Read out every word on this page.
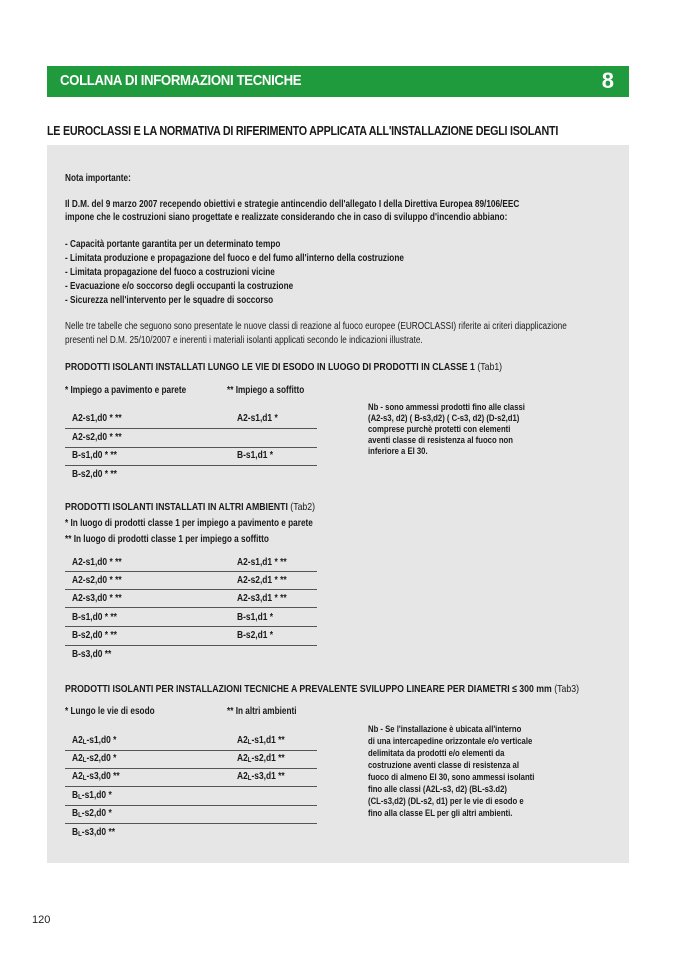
COLLANA DI INFORMAZIONI TECNICHE	8
LE EUROCLASSI E LA NORMATIVA DI RIFERIMENTO APPLICATA ALL'INSTALLAZIONE DEGLI ISOLANTI
Nota importante:
Il D.M. del 9 marzo 2007 recependo obiettivi e strategie antincendio dell'allegato I della Direttiva Europea 89/106/EEC
impone che le costruzioni siano progettate e realizzate considerando che in caso di sviluppo d'incendio abbiano:
- Capacità portante garantita per un determinato tempo
- Limitata produzione e propagazione del fuoco e del fumo all'interno della costruzione
- Limitata propagazione del fuoco a costruzioni vicine
- Evacuazione e/o soccorso degli occupanti la costruzione
- Sicurezza nell'intervento per le squadre di soccorso
Nelle tre tabelle che seguono sono presentate le nuove classi di reazione al fuoco europee (EUROCLASSI) riferite ai criteri diapplicazione
presenti nel D.M. 25/10/2007 e inerenti i materiali isolanti applicati secondo le indicazioni illustrate.
PRODOTTI ISOLANTI INSTALLATI LUNGO LE VIE DI ESODO IN LUOGO DI PRODOTTI IN CLASSE 1 (Tab1)
* Impiego a pavimento e parete	** Impiego a soffitto
A2-s1,d0 * **	A2-s1,d1 *
A2-s2,d0 * **
B-s1,d0 * **	B-s1,d1 *
B-s2,d0 * **
Nb - sono ammessi prodotti fino alle classi
(A2-s3, d2) ( B-s3,d2) ( C-s3, d2) (D-s2,d1)
comprese purchè protetti con elementi
aventi classe di resistenza al fuoco non
inferiore a EI 30.
PRODOTTI ISOLANTI INSTALLATI IN ALTRI AMBIENTI (Tab2)
* In luogo di prodotti classe 1 per impiego a pavimento e parete
** In luogo di prodotti classe 1 per impiego a soffitto
A2-s1,d0 * **	A2-s1,d1 * **
A2-s2,d0 * **	A2-s2,d1 * **
A2-s3,d0 * **	A2-s3,d1 * **
B-s1,d0 * **	B-s1,d1 *
B-s2,d0 * **	B-s2,d1 *
B-s3,d0 **
PRODOTTI ISOLANTI PER INSTALLAZIONI TECNICHE A PREVALENTE SVILUPPO LINEARE PER DIAMETRI ≤ 300 mm (Tab3)
* Lungo le vie di esodo	** In altri ambienti
$A2_L-s1,d0$ *	$A2_L-s1,d1$ **
$A2_L-s2,d0$ *	$A2_L-s2,d1$ **
$A2_L-s3,d0$ **	$A2_L-s3,d1$ **
$B_L-s1,d0$ *
$B_L-s2,d0$ *
$B_L-s3,d0$ **
Nb - Se l'installazione è ubicata all'interno
di una intercapedine orizzontale e/o verticale
delimitata da prodotti e/o elementi da
costruzione aventi classe di resistenza al
fuoco di almeno EI 30, sono ammessi isolanti
fino alle classi (A2L-s3, d2) (BL-s3.d2)
(CL-s3,d2) (DL-s2, d1) per le vie di esodo e
fino alla classe EL per gli altri ambienti.
120
